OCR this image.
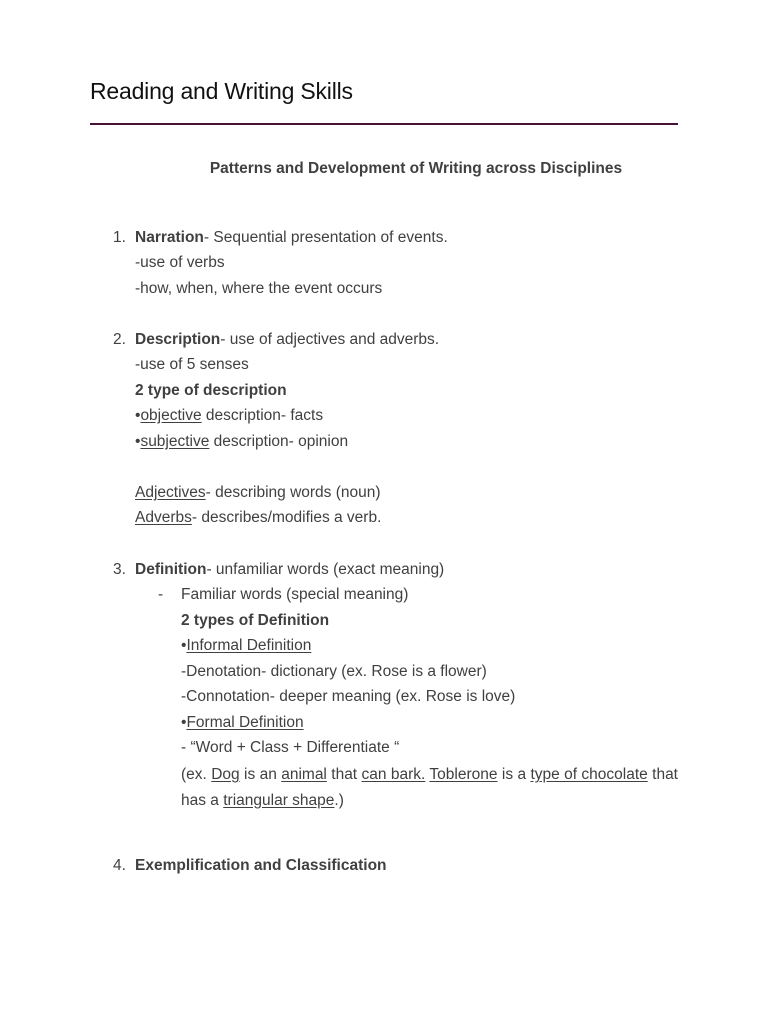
Reading and Writing Skills
Patterns and Development of Writing across Disciplines
1. Narration- Sequential presentation of events.
-use of verbs
-how, when, where the event occurs
2. Description- use of adjectives and adverbs.
-use of 5 senses
2 type of description
•objective description- facts
•subjective description- opinion
Adjectives- describing words (noun)
Adverbs- describes/modifies a verb.
3. Definition- unfamiliar words (exact meaning)
- Familiar words (special meaning)
2 types of Definition
•Informal Definition
-Denotation- dictionary (ex. Rose is a flower)
-Connotation- deeper meaning (ex. Rose is love)
•Formal Definition
- “Word + Class + Differentiate “
(ex. Dog is an animal that can bark. Toblerone is a type of chocolate that has a triangular shape.)
4. Exemplification and Classification
